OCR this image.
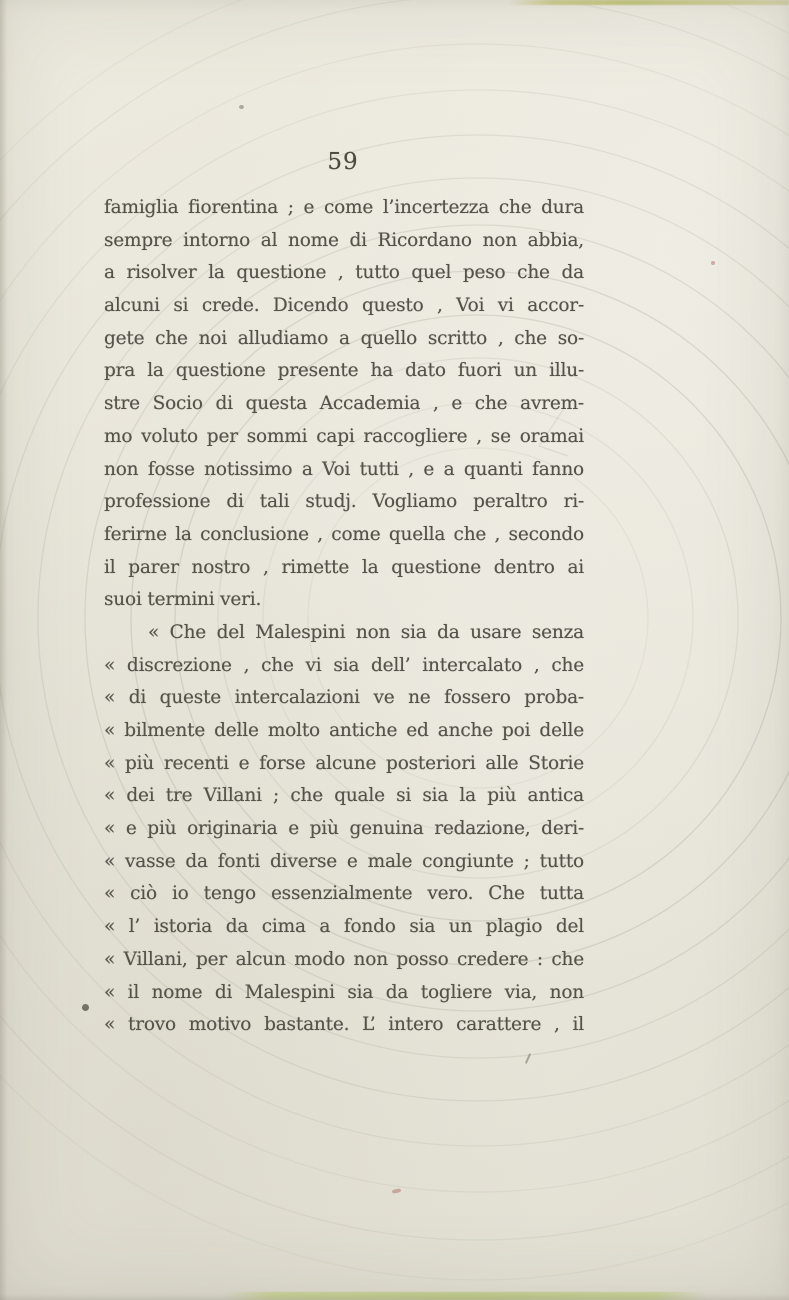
59
famiglia fiorentina ; e come l’incertezza che dura
sempre intorno al nome di Ricordano non abbia,
a risolver la questione , tutto quel peso che da
alcuni si crede. Dicendo questo , Voi vi accor-
gete che noi alludiamo a quello scritto , che so-
pra la questione presente ha dato fuori un illu-
stre Socio di questa Accademia , e che avrem-
mo voluto per sommi capi raccogliere , se oramai
non fosse notissimo a Voi tutti , e a quanti fanno
professione di tali studj. Vogliamo peraltro ri-
ferirne la conclusione , come quella che , secondo
il parer nostro , rimette la questione dentro ai
suoi termini veri.
« Che del Malespini non sia da usare senza
« discrezione , che vi sia dell’ intercalato , che
« di queste intercalazioni ve ne fossero proba-
« bilmente delle molto antiche ed anche poi delle
« più recenti e forse alcune posteriori alle Storie
« dei tre Villani ; che quale si sia la più antica
« e più originaria e più genuina redazione, deri-
« vasse da fonti diverse e male congiunte ; tutto
« ciò io tengo essenzialmente vero. Che tutta
« l’ istoria da cima a fondo sia un plagio del
« Villani, per alcun modo non posso credere : che
« il nome di Malespini sia da togliere via, non
« trovo motivo bastante. L’ intero carattere , il
